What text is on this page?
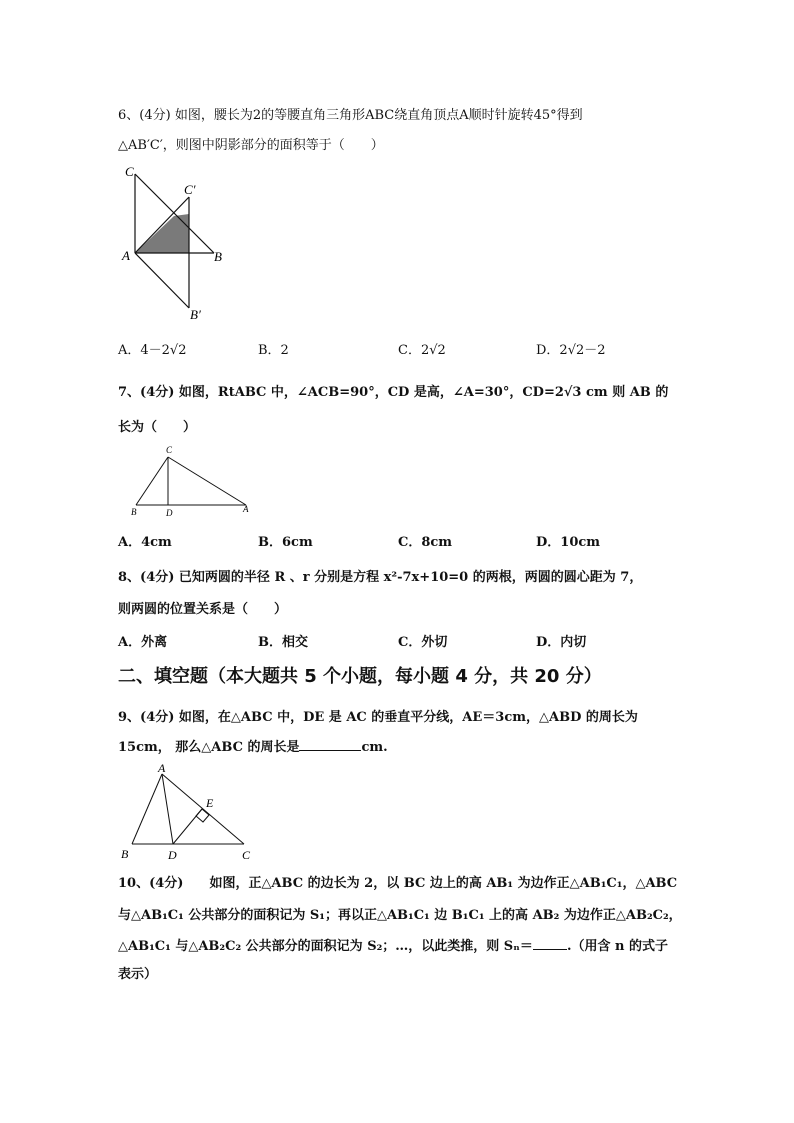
6、(4分) 如图，腰长为2的等腰直角三角形ABC绕直角顶点A顺时针旋转45°得到
△AB′C′，则图中阴影部分的面积等于（　　）
C
C′
A	B
B′
A．4－2√2	B．2	C．2√2	D．2√2－2
7、(4分) 如图，RtABC 中，∠ACB=90°，CD 是高，∠A=30°，CD=2√3 cm 则 AB 的
长为（　　）
C
B	D	A
A．4cm	B．6cm	C．8cm	D．10cm
8、(4分) 已知两圆的半径 R 、r 分别是方程 x²-7x+10=0 的两根，两圆的圆心距为 7，
则两圆的位置关系是（　　）
A．外离	B．相交	C．外切	D．内切
二、填空题（本大题共 5 个小题，每小题 4 分，共 20 分）
9、(4分) 如图，在△ABC 中，DE 是 AC 的垂直平分线，AE＝3cm，△ABD 的周长为
15cm， 那么△ABC 的周长是	cm.
A
E
B	D	C
10、(4分)　　如图，正△ABC 的边长为 2，以 BC 边上的高 AB₁ 为边作正△AB₁C₁，△ABC
与△AB₁C₁ 公共部分的面积记为 S₁；再以正△AB₁C₁ 边 B₁C₁ 上的高 AB₂ 为边作正△AB₂C₂，
△AB₁C₁ 与△AB₂C₂ 公共部分的面积记为 S₂；…，以此类推，则 Sₙ＝	.（用含 n 的式子
表示）
